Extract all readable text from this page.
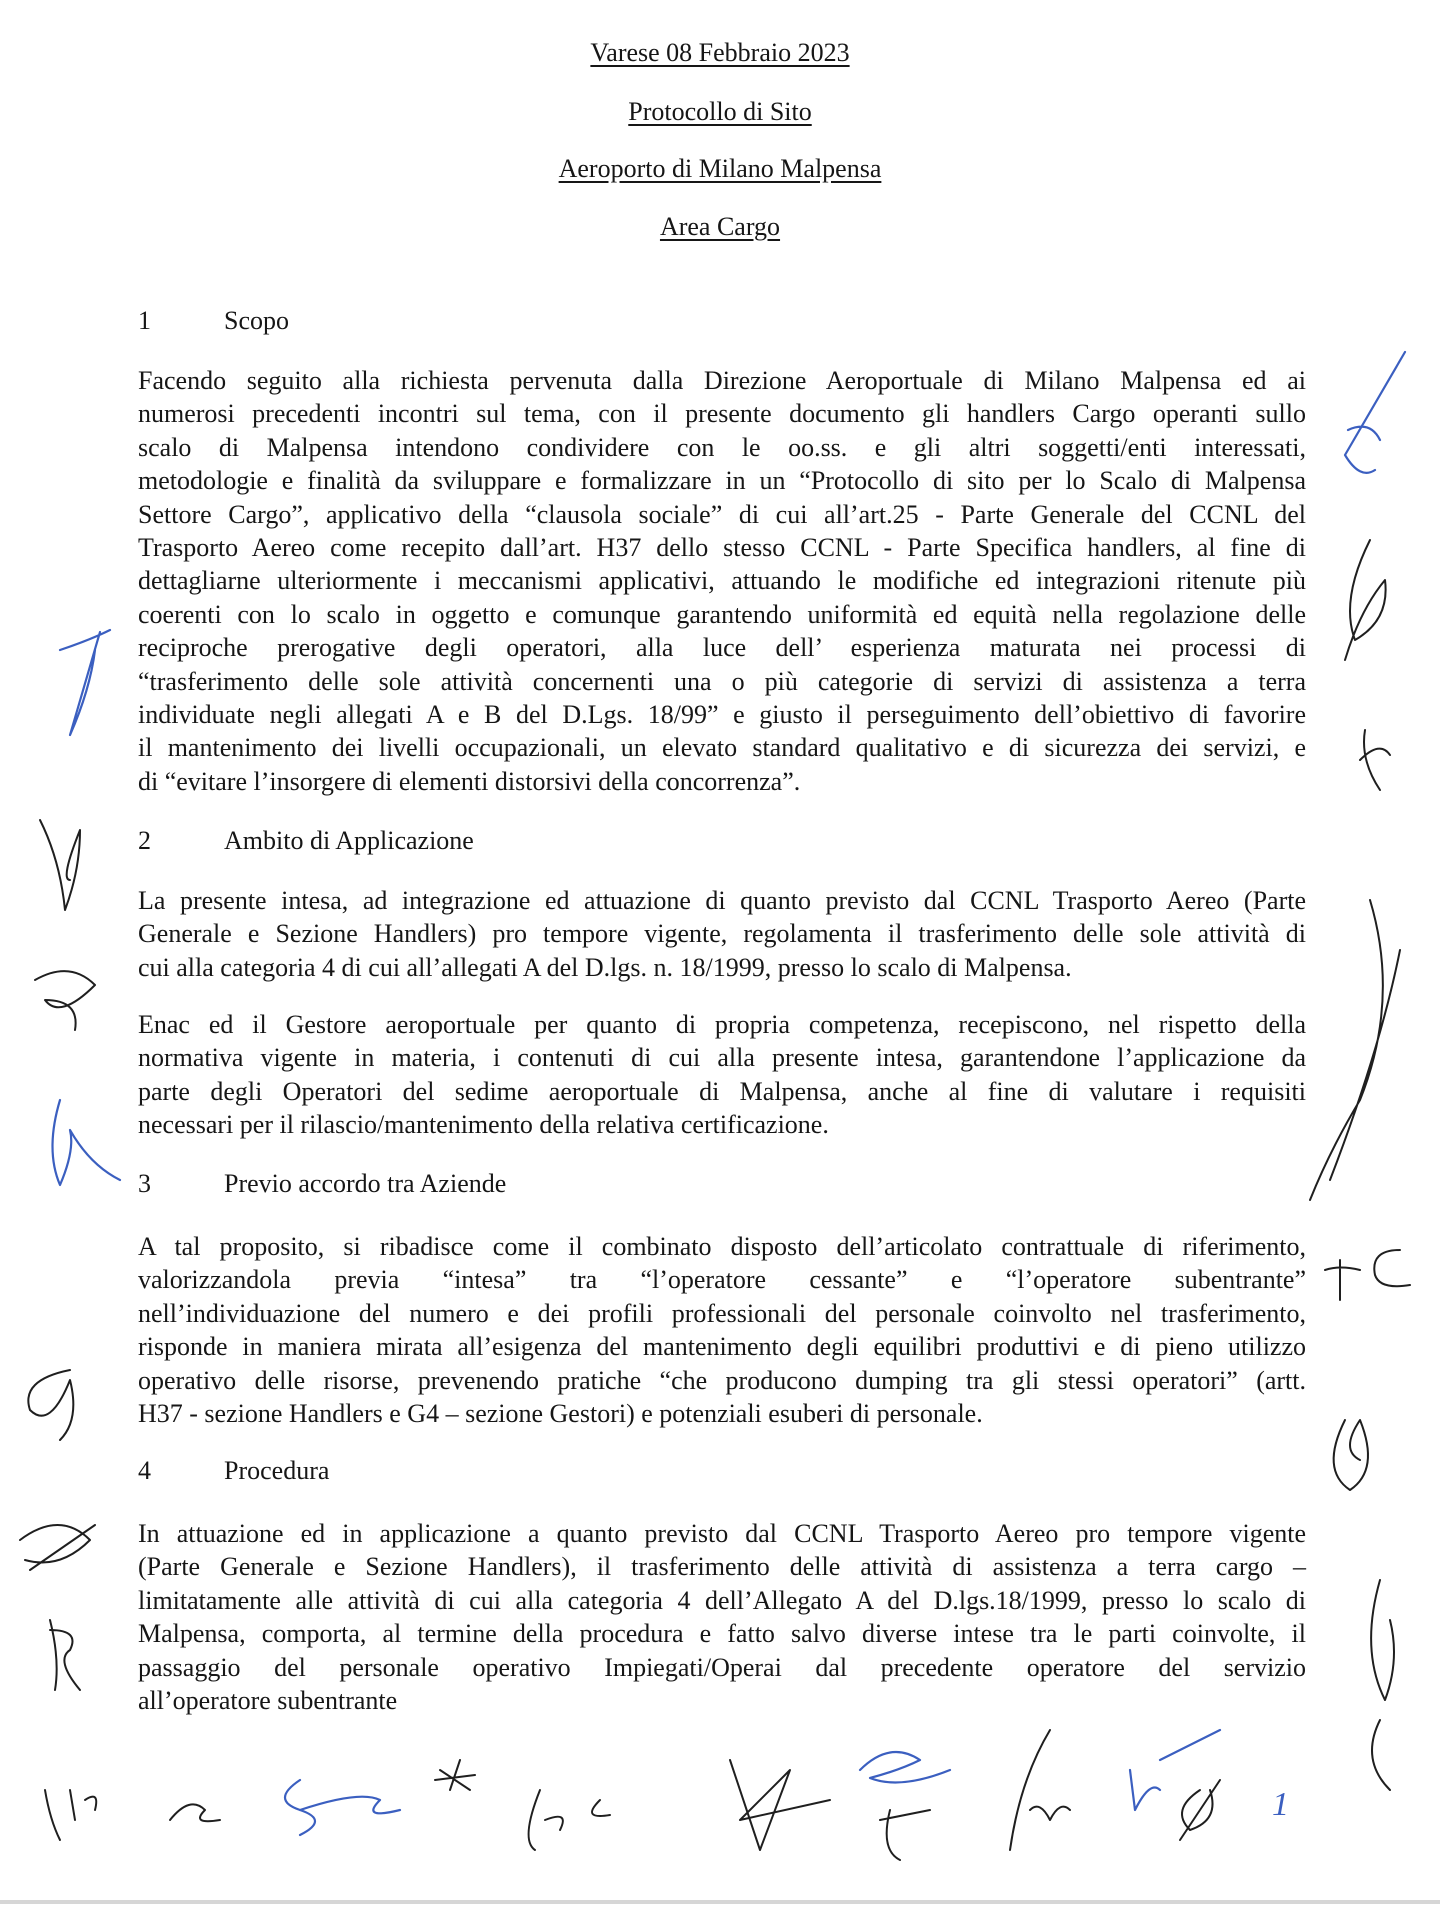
Varese 08 Febbraio 2023
Protocollo di Sito
Aeroporto di Milano Malpensa
Area Cargo
1	Scopo
Facendo seguito alla richiesta pervenuta dalla Direzione Aeroportuale di Milano Malpensa ed ai
numerosi precedenti incontri sul tema, con il presente documento gli handlers Cargo operanti sullo
scalo di Malpensa intendono condividere con le oo.ss. e gli altri soggetti/enti interessati,
metodologie e finalità da sviluppare e formalizzare in un “Protocollo di sito per lo Scalo di Malpensa
Settore Cargo”, applicativo della “clausola sociale” di cui all’art.25 - Parte Generale del CCNL del
Trasporto Aereo come recepito dall’art. H37 dello stesso CCNL - Parte Specifica handlers, al fine di
dettagliarne ulteriormente i meccanismi applicativi, attuando le modifiche ed integrazioni ritenute più
coerenti con lo scalo in oggetto e comunque garantendo uniformità ed equità nella regolazione delle
reciproche prerogative degli operatori, alla luce dell’ esperienza maturata nei processi di
“trasferimento delle sole attività concernenti una o più categorie di servizi di assistenza a terra
individuate negli allegati A e B del D.Lgs. 18/99” e giusto il perseguimento dell’obiettivo di favorire
il mantenimento dei livelli occupazionali, un elevato standard qualitativo e di sicurezza dei servizi, e
di “evitare l’insorgere di elementi distorsivi della concorrenza”.
2	Ambito di Applicazione
La presente intesa, ad integrazione ed attuazione di quanto previsto dal CCNL Trasporto Aereo (Parte
Generale e Sezione Handlers) pro tempore vigente, regolamenta il trasferimento delle sole attività di
cui alla categoria 4 di cui all’allegati A del D.lgs. n. 18/1999, presso lo scalo di Malpensa.
Enac ed il Gestore aeroportuale per quanto di propria competenza, recepiscono, nel rispetto della
normativa vigente in materia, i contenuti di cui alla presente intesa, garantendone l’applicazione da
parte degli Operatori del sedime aeroportuale di Malpensa, anche al fine di valutare i requisiti
necessari per il rilascio/mantenimento della relativa certificazione.
3	Previo accordo tra Aziende
A tal proposito, si ribadisce come il combinato disposto dell’articolato contrattuale di riferimento,
valorizzandola previa “intesa” tra “l’operatore cessante” e “l’operatore subentrante”
nell’individuazione del numero e dei profili professionali del personale coinvolto nel trasferimento,
risponde in maniera mirata all’esigenza del mantenimento degli equilibri produttivi e di pieno utilizzo
operativo delle risorse, prevenendo pratiche “che producono dumping tra gli stessi operatori” (artt.
H37 - sezione Handlers e G4 – sezione Gestori) e potenziali esuberi di personale.
4	Procedura
In attuazione ed in applicazione a quanto previsto dal CCNL Trasporto Aereo pro tempore vigente
(Parte Generale e Sezione Handlers), il trasferimento delle attività di assistenza a terra cargo –
limitatamente alle attività di cui alla categoria 4 dell’Allegato A del D.lgs.18/1999, presso lo scalo di
Malpensa, comporta, al termine della procedura e fatto salvo diverse intese tra le parti coinvolte, il
passaggio del personale operativo Impiegati/Operai dal precedente operatore del servizio
all’operatore subentrante
1
